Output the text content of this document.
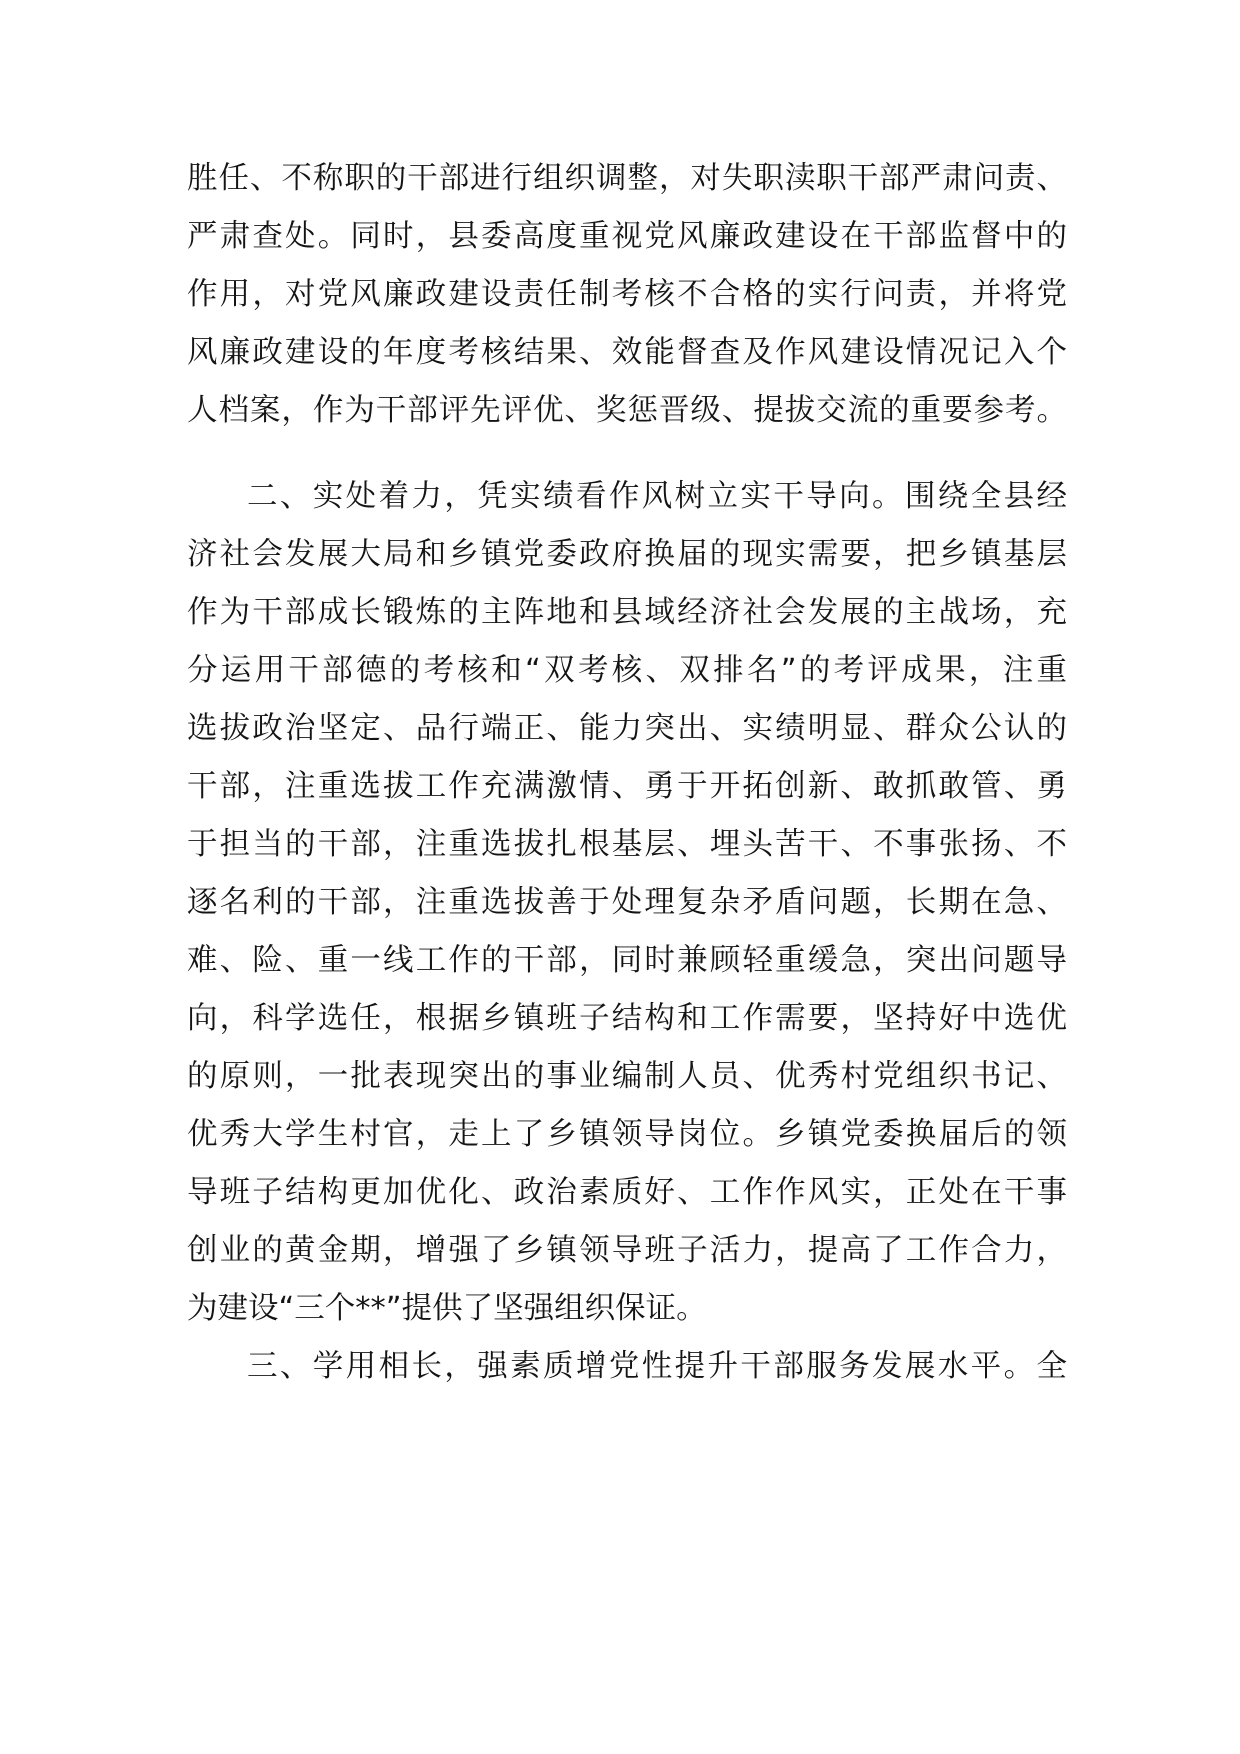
胜任、不称职的干部进行组织调整，对失职渎职干部严肃问责、
严肃查处。同时，县委高度重视党风廉政建设在干部监督中的
作用，对党风廉政建设责任制考核不合格的实行问责，并将党
风廉政建设的年度考核结果、效能督查及作风建设情况记入个
人档案，作为干部评先评优、奖惩晋级、提拔交流的重要参考。
二、实处着力，凭实绩看作风树立实干导向。围绕全县经
济社会发展大局和乡镇党委政府换届的现实需要，把乡镇基层
作为干部成长锻炼的主阵地和县域经济社会发展的主战场，充
分运用干部德的考核和“双考核、双排名”的考评成果，注重
选拔政治坚定、品行端正、能力突出、实绩明显、群众公认的
干部，注重选拔工作充满激情、勇于开拓创新、敢抓敢管、勇
于担当的干部，注重选拔扎根基层、埋头苦干、不事张扬、不
逐名利的干部，注重选拔善于处理复杂矛盾问题，长期在急、
难、险、重一线工作的干部，同时兼顾轻重缓急，突出问题导
向，科学选任，根据乡镇班子结构和工作需要，坚持好中选优
的原则，一批表现突出的事业编制人员、优秀村党组织书记、
优秀大学生村官，走上了乡镇领导岗位。乡镇党委换届后的领
导班子结构更加优化、政治素质好、工作作风实，正处在干事
创业的黄金期，增强了乡镇领导班子活力，提高了工作合力，
为建设“三个**”提供了坚强组织保证。
三、学用相长，强素质增党性提升干部服务发展水平。全
